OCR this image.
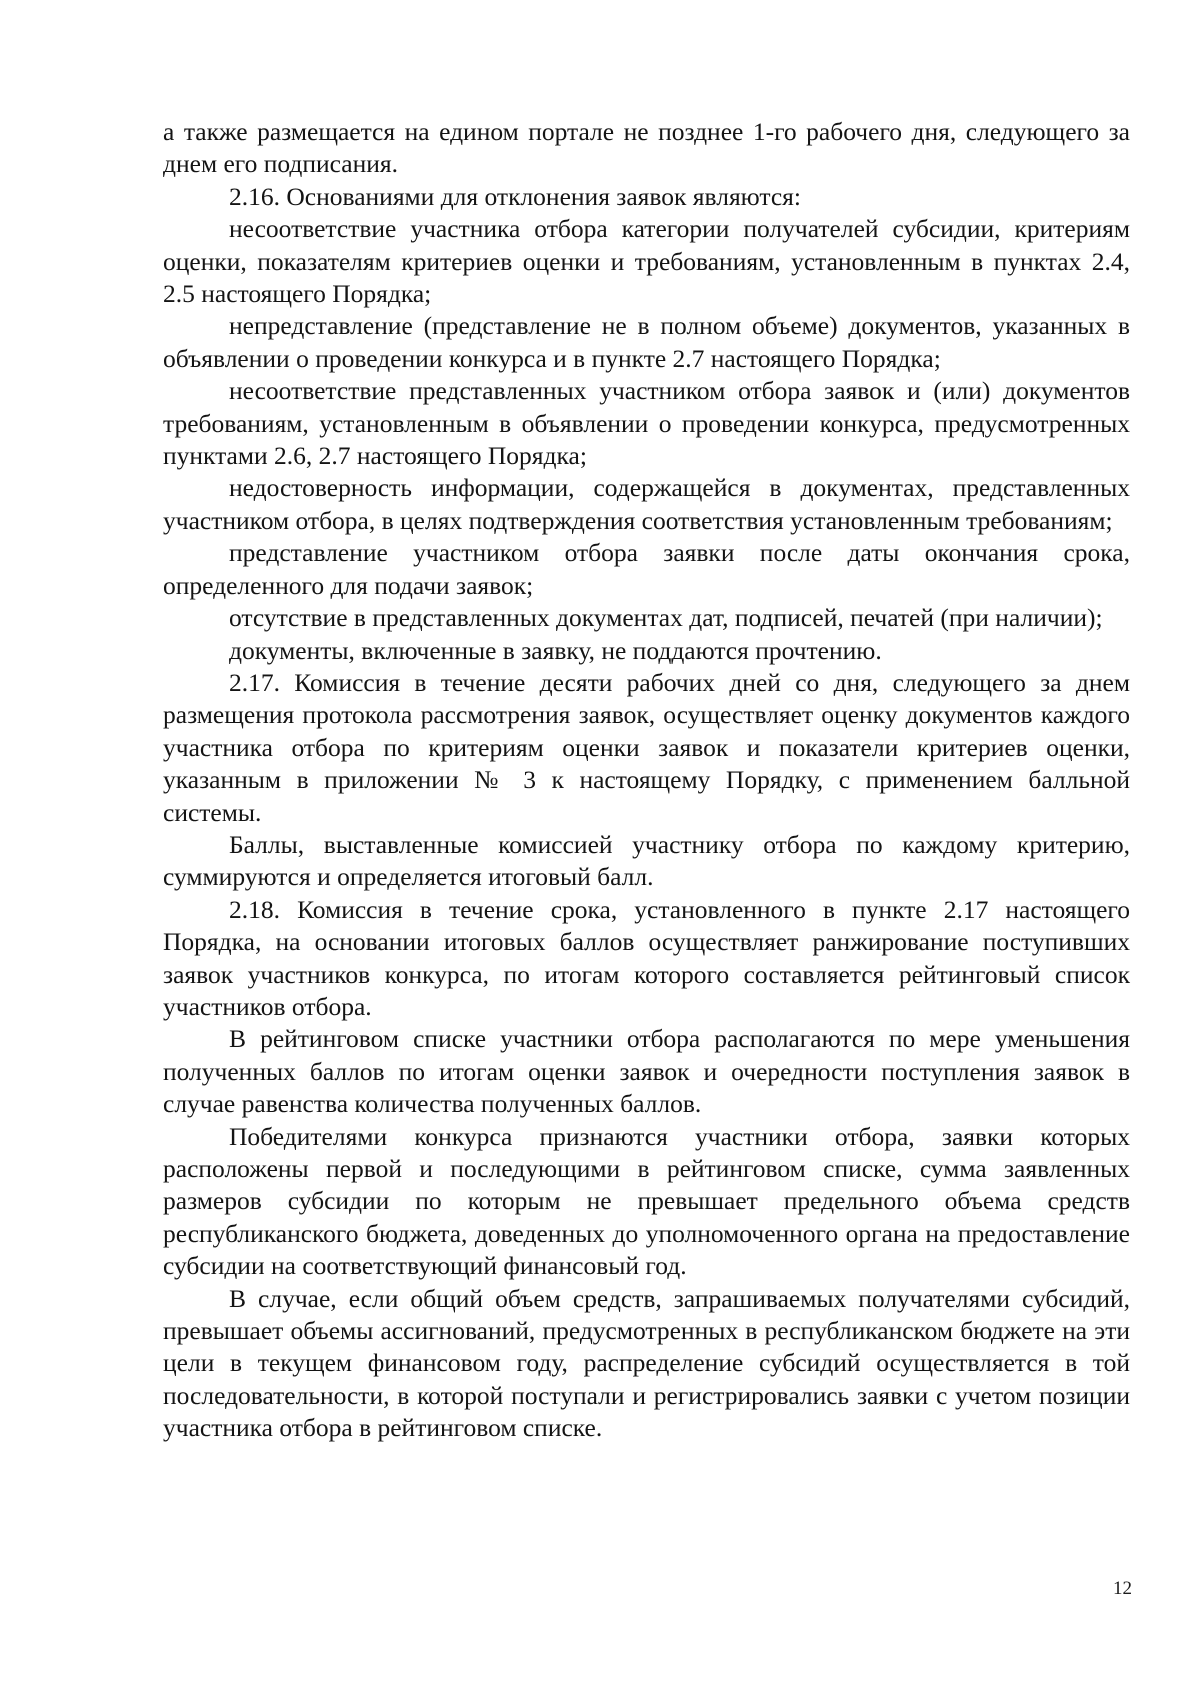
а также размещается на едином портале не позднее 1-го рабочего дня, следующего за днем его подписания.

2.16. Основаниями для отклонения заявок являются:

несоответствие участника отбора категории получателей субсидии, критериям оценки, показателям критериев оценки и требованиям, установленным в пунктах 2.4, 2.5 настоящего Порядка;

непредставление (представление не в полном объеме) документов, указанных в объявлении о проведении конкурса и в пункте 2.7 настоящего Порядка;

несоответствие представленных участником отбора заявок и (или) документов требованиям, установленным в объявлении о проведении конкурса, предусмотренных пунктами 2.6, 2.7 настоящего Порядка;

недостоверность информации, содержащейся в документах, представленных участником отбора, в целях подтверждения соответствия установленным требованиям;

представление участником отбора заявки после даты окончания срока, определенного для подачи заявок;

отсутствие в представленных документах дат, подписей, печатей (при наличии);

документы, включенные в заявку, не поддаются прочтению.

2.17. Комиссия в течение десяти рабочих дней со дня, следующего за днем размещения протокола рассмотрения заявок, осуществляет оценку документов каждого участника отбора по критериям оценки заявок и показатели критериев оценки, указанным в приложении № 3 к настоящему Порядку, с применением балльной системы.

Баллы, выставленные комиссией участнику отбора по каждому критерию, суммируются и определяется итоговый балл.

2.18. Комиссия в течение срока, установленного в пункте 2.17 настоящего Порядка, на основании итоговых баллов осуществляет ранжирование поступивших заявок участников конкурса, по итогам которого составляется рейтинговый список участников отбора.

В рейтинговом списке участники отбора располагаются по мере уменьшения полученных баллов по итогам оценки заявок и очередности поступления заявок в случае равенства количества полученных баллов.

Победителями конкурса признаются участники отбора, заявки которых расположены первой и последующими в рейтинговом списке, сумма заявленных размеров субсидии по которым не превышает предельного объема средств республиканского бюджета, доведенных до уполномоченного органа на предоставление субсидии на соответствующий финансовый год.

В случае, если общий объем средств, запрашиваемых получателями субсидий, превышает объемы ассигнований, предусмотренных в республиканском бюджете на эти цели в текущем финансовом году, распределение субсидий осуществляется в той последовательности, в которой поступали и регистрировались заявки с учетом позиции участника отбора в рейтинговом списке.

12
